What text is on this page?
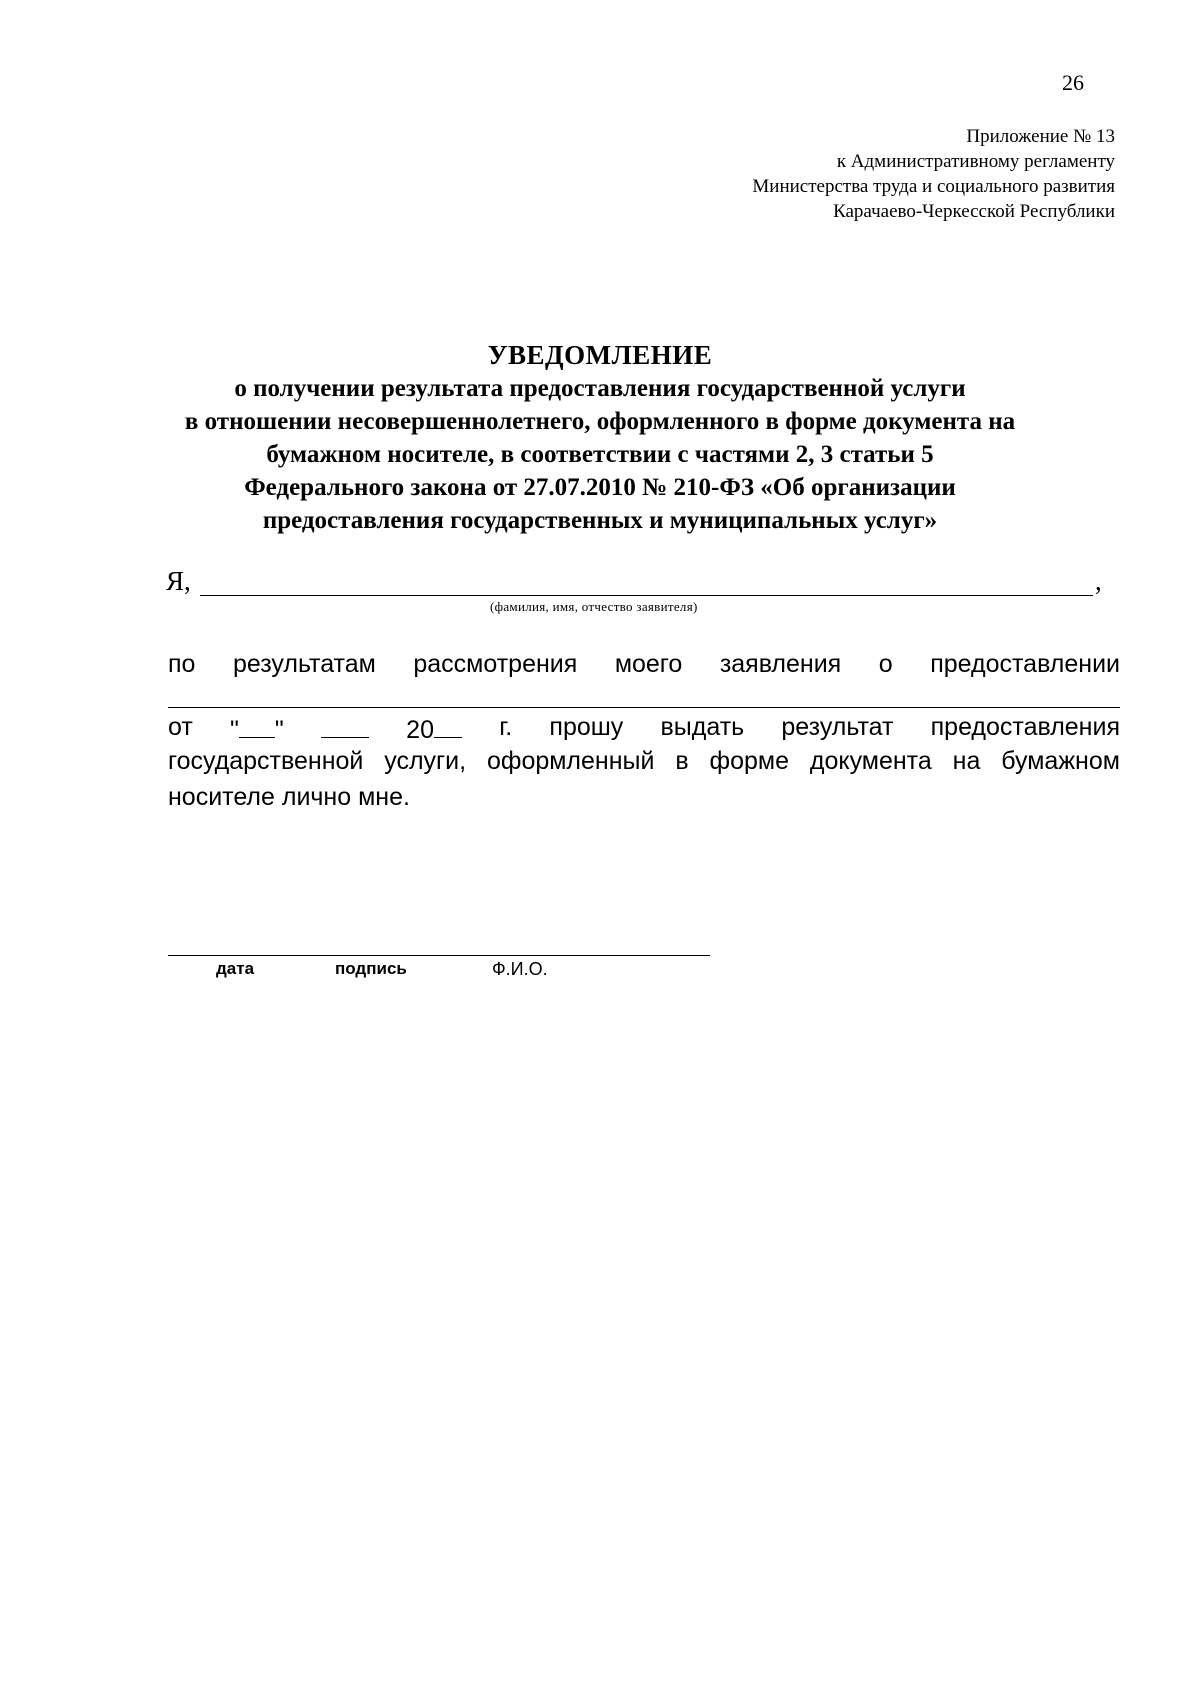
26
Приложение № 13
к Административному регламенту
Министерства труда и социального развития
Карачаево-Черкесской Республики
УВЕДОМЛЕНИЕ
о получении результата предоставления государственной услуги
в отношении несовершеннолетнего, оформленного в форме документа на
бумажном носителе, в соответствии с частями 2, 3 статьи 5
Федерального закона от 27.07.2010 № 210-ФЗ «Об организации
предоставления государственных и муниципальных услуг»
Я,	,
(фамилия, имя, отчество заявителя)
по результатам рассмотрения моего заявления о предоставлении
от " "	20	г. прошу выдать результат предоставления
государственной услуги, оформленный в форме документа на бумажном
носителе лично мне.
дата	подпись	Ф.И.О.
